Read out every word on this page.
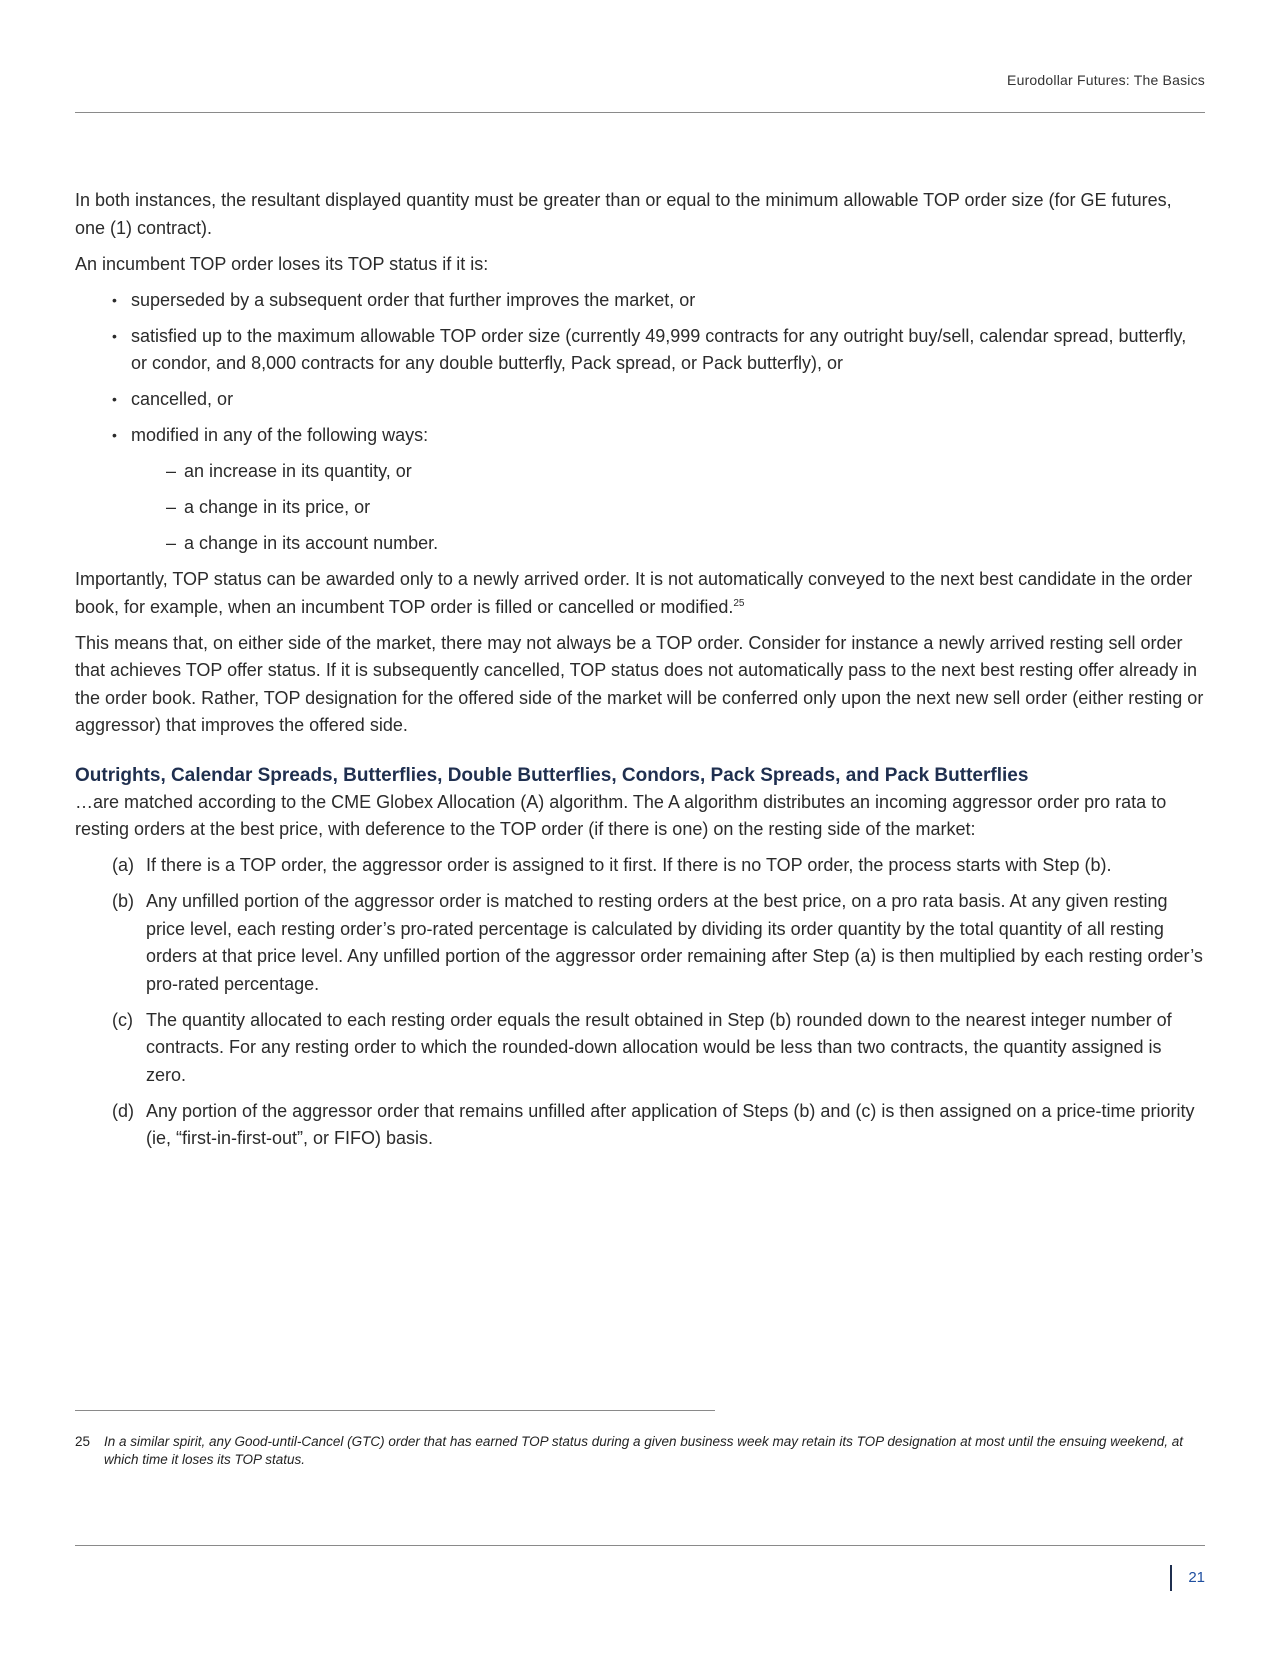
Eurodollar Futures: The Basics

In both instances, the resultant displayed quantity must be greater than or equal to the minimum allowable TOP order size (for GE futures, one (1) contract).

An incumbent TOP order loses its TOP status if it is:

• superseded by a subsequent order that further improves the market, or
• satisfied up to the maximum allowable TOP order size (currently 49,999 contracts for any outright buy/sell, calendar spread, butterfly, or condor, and 8,000 contracts for any double butterfly, Pack spread, or Pack butterfly), or
• cancelled, or
• modified in any of the following ways:
– an increase in its quantity, or
– a change in its price, or
– a change in its account number.

Importantly, TOP status can be awarded only to a newly arrived order. It is not automatically conveyed to the next best candidate in the order book, for example, when an incumbent TOP order is filled or cancelled or modified.$^{25}$

This means that, on either side of the market, there may not always be a TOP order. Consider for instance a newly arrived resting sell order that achieves TOP offer status. If it is subsequently cancelled, TOP status does not automatically pass to the next best resting offer already in the order book. Rather, TOP designation for the offered side of the market will be conferred only upon the next new sell order (either resting or aggressor) that improves the offered side.

Outrights, Calendar Spreads, Butterflies, Double Butterflies, Condors, Pack Spreads, and Pack Butterflies

…are matched according to the CME Globex Allocation (A) algorithm. The A algorithm distributes an incoming aggressor order pro rata to resting orders at the best price, with deference to the TOP order (if there is one) on the resting side of the market:

(a) If there is a TOP order, the aggressor order is assigned to it first. If there is no TOP order, the process starts with Step (b).
(b) Any unfilled portion of the aggressor order is matched to resting orders at the best price, on a pro rata basis. At any given resting price level, each resting order’s pro-rated percentage is calculated by dividing its order quantity by the total quantity of all resting orders at that price level. Any unfilled portion of the aggressor order remaining after Step (a) is then multiplied by each resting order’s pro-rated percentage.
(c) The quantity allocated to each resting order equals the result obtained in Step (b) rounded down to the nearest integer number of contracts. For any resting order to which the rounded-down allocation would be less than two contracts, the quantity assigned is zero.
(d) Any portion of the aggressor order that remains unfilled after application of Steps (b) and (c) is then assigned on a price-time priority (ie, “first-in-first-out”, or FIFO) basis.
25	In a similar spirit, any Good-until-Cancel (GTC) order that has earned TOP status during a given business week may retain its TOP designation at most until the ensuing weekend, at which time it loses its TOP status.
21
